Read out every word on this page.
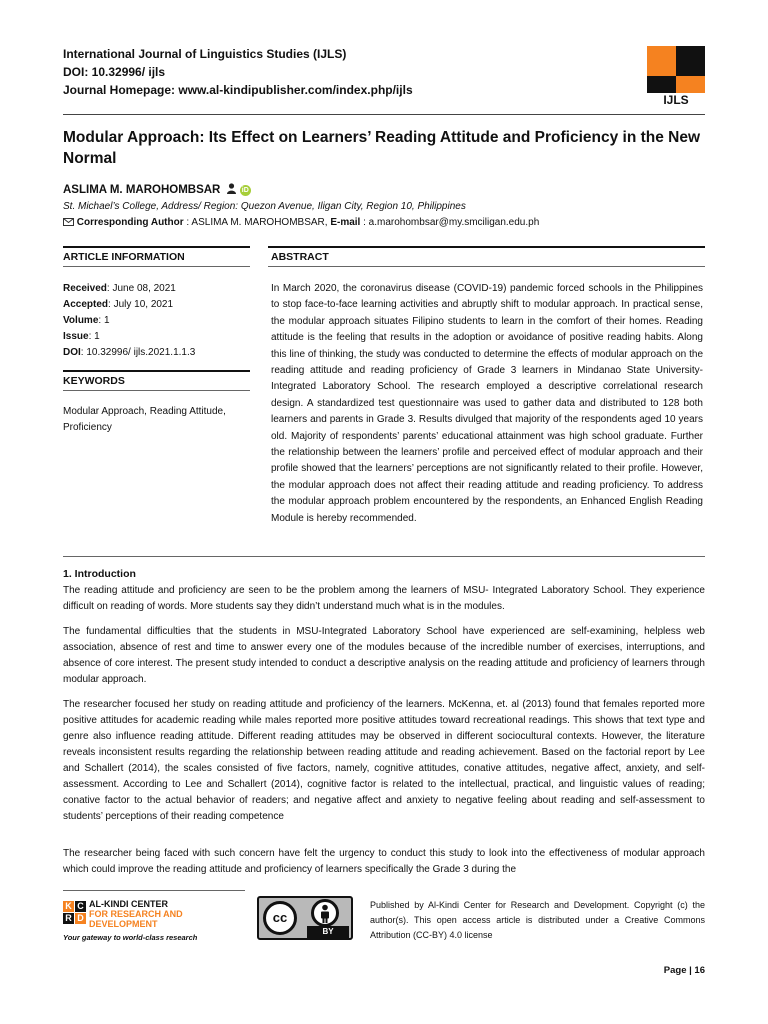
International Journal of Linguistics Studies (IJLS)
DOI: 10.32996/ ijls
Journal Homepage: www.al-kindipublisher.com/index.php/ijls
IJLS
Modular Approach: Its Effect on Learners’ Reading Attitude and Proficiency in the New Normal
ASLIMA M. MAROHOMBSAR	iD
St. Michael’s College, Address/ Region: Quezon Avenue, Iligan City, Region 10, Philippines
Corresponding Author : ASLIMA M. MAROHOMBSAR, E-mail : a.marohombsar@my.smciligan.edu.ph
ARTICLE INFORMATION	ABSTRACT
Received: June 08, 2021
Accepted: July 10, 2021
Volume: 1
Issue: 1
DOI: 10.32996/ ijls.2021.1.1.3
KEYWORDS
Modular Approach, Reading Attitude, Proficiency
In March 2020, the coronavirus disease (COVID-19) pandemic forced schools in the Philippines to stop face-to-face learning activities and abruptly shift to modular approach. In practical sense, the modular approach situates Filipino students to learn in the comfort of their homes. Reading attitude is the feeling that results in the adoption or avoidance of positive reading habits. Along this line of thinking, the study was conducted to determine the effects of modular approach on the reading attitude and reading proficiency of Grade 3 learners in Mindanao State University- Integrated Laboratory School. The research employed a descriptive correlational research design. A standardized test questionnaire was used to gather data and distributed to 128 both learners and parents in Grade 3. Results divulged that majority of the respondents aged 10 years old. Majority of respondents’ parents’ educational attainment was high school graduate. Further the relationship between the learners’ profile and perceived effect of modular approach and their profile showed that the learners’ perceptions are not significantly related to their profile. However, the modular approach does not affect their reading attitude and reading proficiency. To address the modular approach problem encountered by the respondents, an Enhanced English Reading Module is hereby recommended.
1. Introduction
The reading attitude and proficiency are seen to be the problem among the learners of MSU- Integrated Laboratory School. They experience difficult on reading of words. More students say they didn’t understand much what is in the modules.
The fundamental difficulties that the students in MSU-Integrated Laboratory School have experienced are self-examining, helpless web association, absence of rest and time to answer every one of the modules because of the incredible number of exercises, interruptions, and absence of core interest. The present study intended to conduct a descriptive analysis on the reading attitude and proficiency of learners through modular approach.
The researcher focused her study on reading attitude and proficiency of the learners. McKenna, et. al (2013) found that females reported more positive attitudes for academic reading while males reported more positive attitudes toward recreational readings. This shows that text type and genre also influence reading attitude. Different reading attitudes may be observed in different sociocultural contexts. However, the literature reveals inconsistent results regarding the relationship between reading attitude and reading achievement. Based on the factorial report by Lee and Schallert (2014), the scales consisted of five factors, namely, cognitive attitudes, conative attitudes, negative affect, anxiety, and self-assessment. According to Lee and Schallert (2014), cognitive factor is related to the intellectual, practical, and linguistic values of reading; conative factor to the actual behavior of readers; and negative affect and anxiety to negative feeling about reading and self-assessment to students’ perceptions of their reading competence
The researcher being faced with such concern have felt the urgency to conduct this study to look into the effectiveness of modular approach which could improve the reading attitude and proficiency of learners specifically the Grade 3 during the
K C
R D
AL-KINDI CENTER
FOR RESEARCH AND
DEVELOPMENT
Your gateway to world-class research
cc
BY
Published by Al-Kindi Center for Research and Development. Copyright (c) the author(s). This open access article is distributed under a Creative Commons Attribution (CC-BY) 4.0 license
Page | 16
